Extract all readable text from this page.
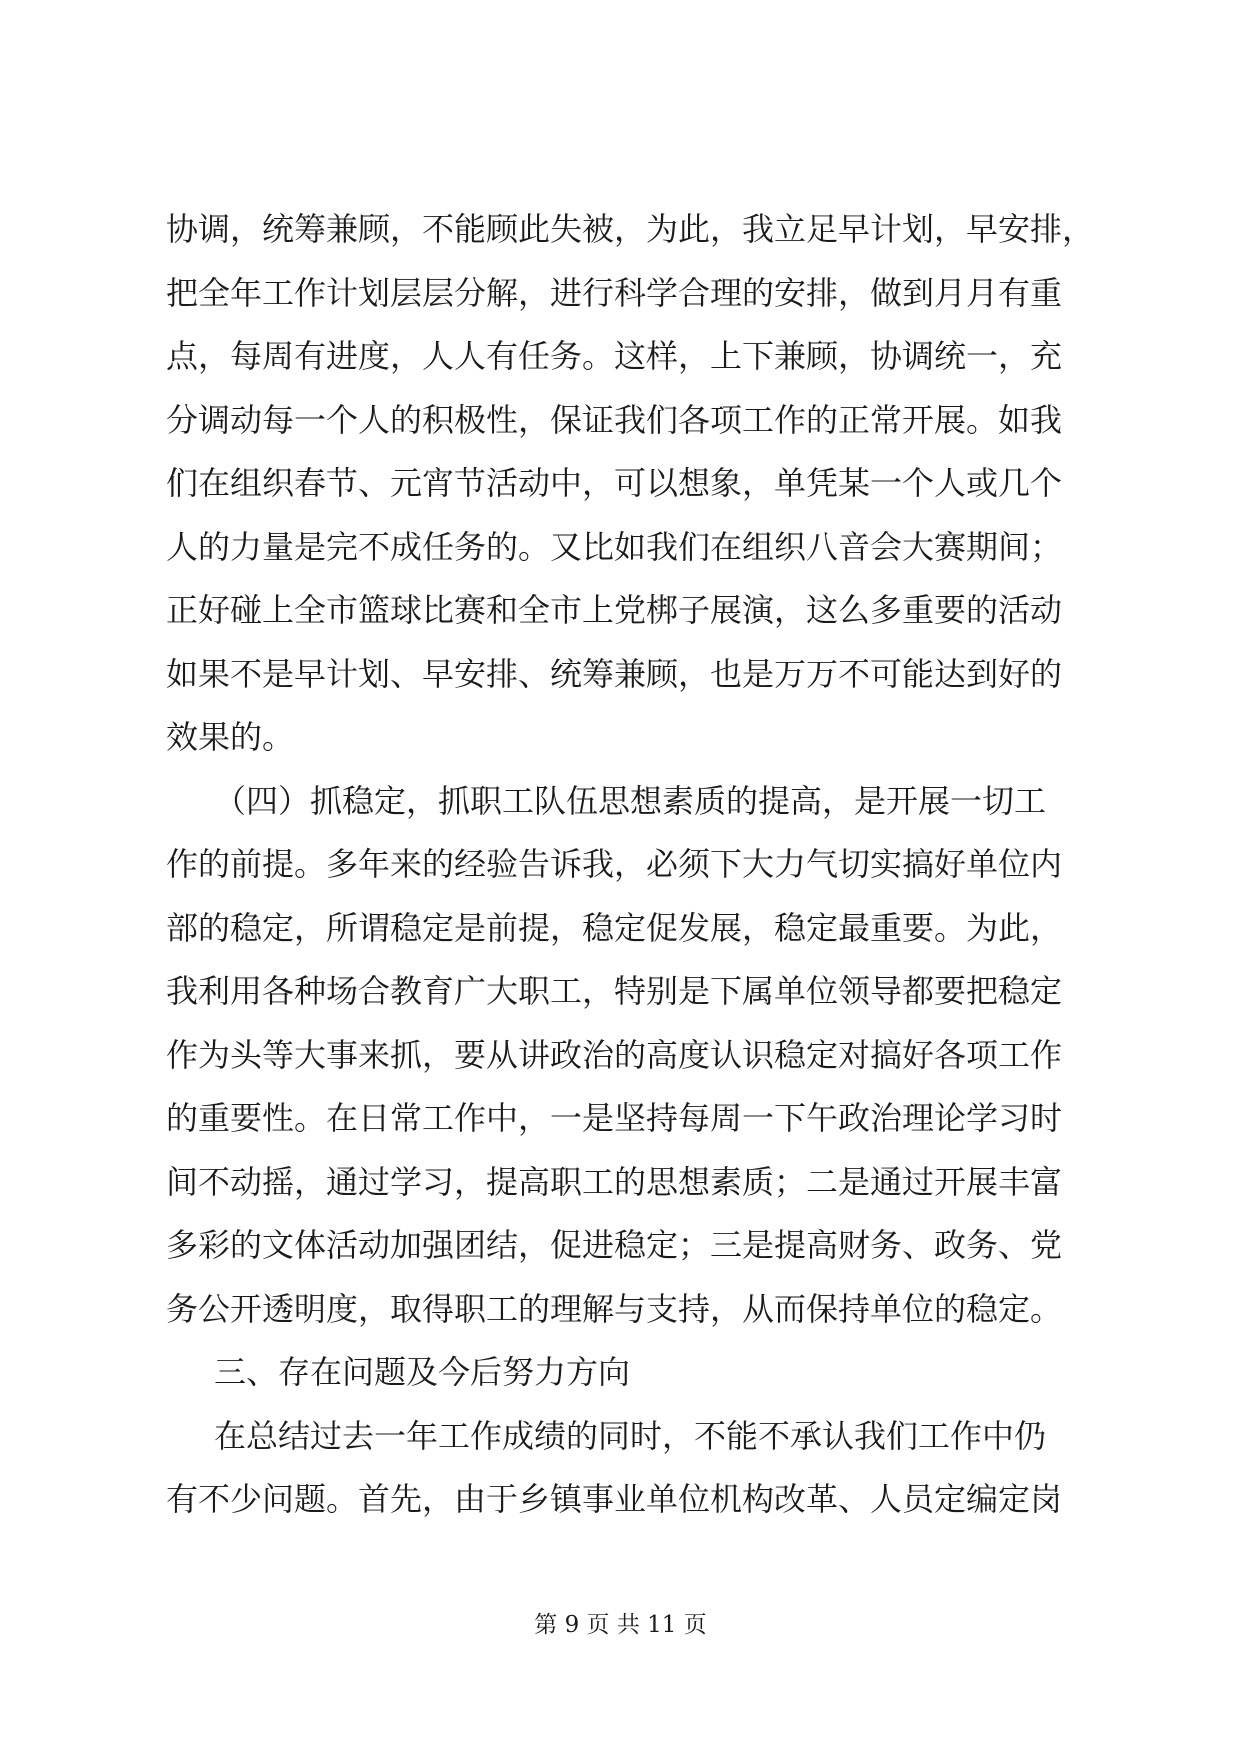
协调，统筹兼顾，不能顾此失被，为此，我立足早计划，早安排，
把全年工作计划层层分解，进行科学合理的安排，做到月月有重
点，每周有进度，人人有任务。这样，上下兼顾，协调统一，充
分调动每一个人的积极性，保证我们各项工作的正常开展。如我
们在组织春节、元宵节活动中，可以想象，单凭某一个人或几个
人的力量是完不成任务的。又比如我们在组织八音会大赛期间；
正好碰上全市篮球比赛和全市上党梆子展演，这么多重要的活动
如果不是早计划、早安排、统筹兼顾，也是万万不可能达到好的
效果的。
（四）抓稳定，抓职工队伍思想素质的提高，是开展一切工
作的前提。多年来的经验告诉我，必须下大力气切实搞好单位内
部的稳定，所谓稳定是前提，稳定促发展，稳定最重要。为此，
我利用各种场合教育广大职工，特别是下属单位领导都要把稳定
作为头等大事来抓，要从讲政治的高度认识稳定对搞好各项工作
的重要性。在日常工作中，一是坚持每周一下午政治理论学习时
间不动摇，通过学习，提高职工的思想素质；二是通过开展丰富
多彩的文体活动加强团结，促进稳定；三是提高财务、政务、党
务公开透明度，取得职工的理解与支持，从而保持单位的稳定。
三、存在问题及今后努力方向
在总结过去一年工作成绩的同时，不能不承认我们工作中仍
有不少问题。首先，由于乡镇事业单位机构改革、人员定编定岗
第 9 页 共 11 页
